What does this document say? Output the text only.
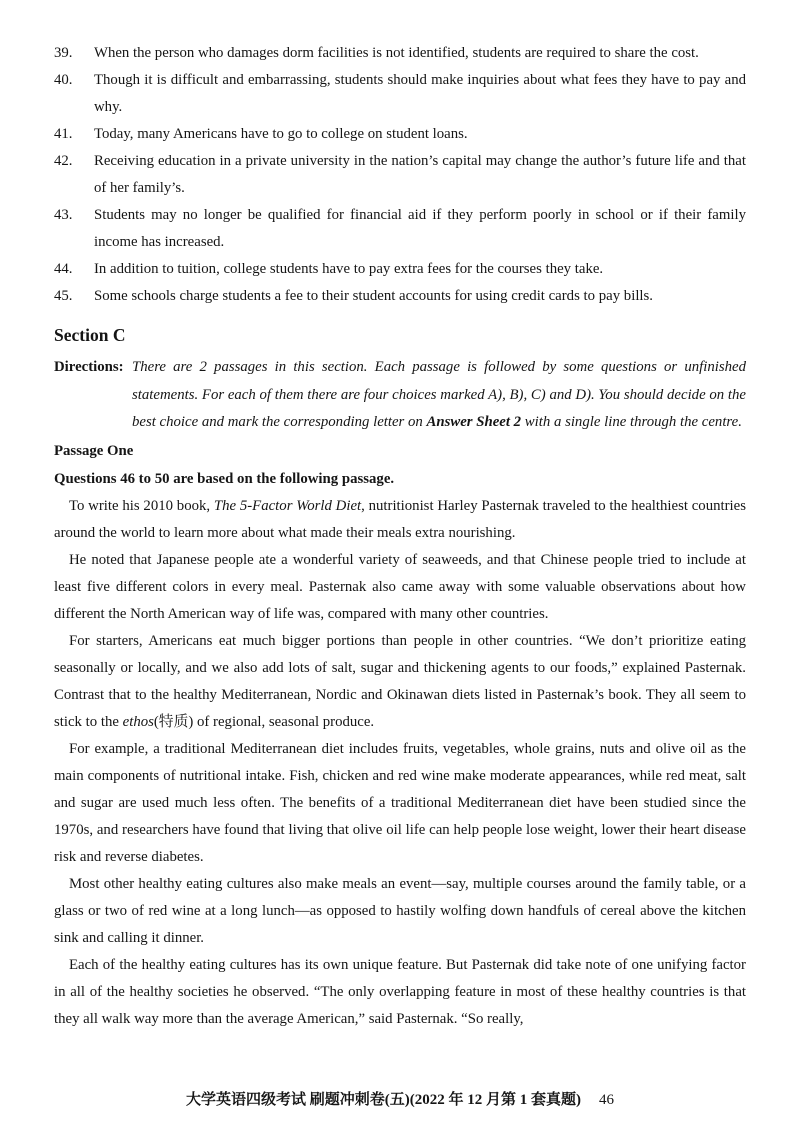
39. When the person who damages dorm facilities is not identified, students are required to share the cost.
40. Though it is difficult and embarrassing, students should make inquiries about what fees they have to pay and why.
41. Today, many Americans have to go to college on student loans.
42. Receiving education in a private university in the nation’s capital may change the author’s future life and that of her family’s.
43. Students may no longer be qualified for financial aid if they perform poorly in school or if their family income has increased.
44. In addition to tuition, college students have to pay extra fees for the courses they take.
45. Some schools charge students a fee to their student accounts for using credit cards to pay bills.
Section C
Directions: There are 2 passages in this section. Each passage is followed by some questions or unfinished statements. For each of them there are four choices marked A), B), C) and D). You should decide on the best choice and mark the corresponding letter on Answer Sheet 2 with a single line through the centre.
Passage One
Questions 46 to 50 are based on the following passage.

To write his 2010 book, The 5-Factor World Diet, nutritionist Harley Pasternak traveled to the healthiest countries around the world to learn more about what made their meals extra nourishing.

He noted that Japanese people ate a wonderful variety of seaweeds, and that Chinese people tried to include at least five different colors in every meal. Pasternak also came away with some valuable observations about how different the North American way of life was, compared with many other countries.

For starters, Americans eat much bigger portions than people in other countries. “We don’t prioritize eating seasonally or locally, and we also add lots of salt, sugar and thickening agents to our foods,” explained Pasternak. Contrast that to the healthy Mediterranean, Nordic and Okinawan diets listed in Pasternak’s book. They all seem to stick to the ethos(特质) of regional, seasonal produce.

For example, a traditional Mediterranean diet includes fruits, vegetables, whole grains, nuts and olive oil as the main components of nutritional intake. Fish, chicken and red wine make moderate appearances, while red meat, salt and sugar are used much less often. The benefits of a traditional Mediterranean diet have been studied since the 1970s, and researchers have found that living that olive oil life can help people lose weight, lower their heart disease risk and reverse diabetes.

Most other healthy eating cultures also make meals an event—say, multiple courses around the family table, or a glass or two of red wine at a long lunch—as opposed to hastily wolfing down handfuls of cereal above the kitchen sink and calling it dinner.

Each of the healthy eating cultures has its own unique feature. But Pasternak did take note of one unifying factor in all of the healthy societies he observed. “The only overlapping feature in most of these healthy countries is that they all walk way more than the average American,” said Pasternak. “So really,

大学英语四级考试 刷题冲刺卷(五)(2022 年 12 月第 1 套真题) 46
